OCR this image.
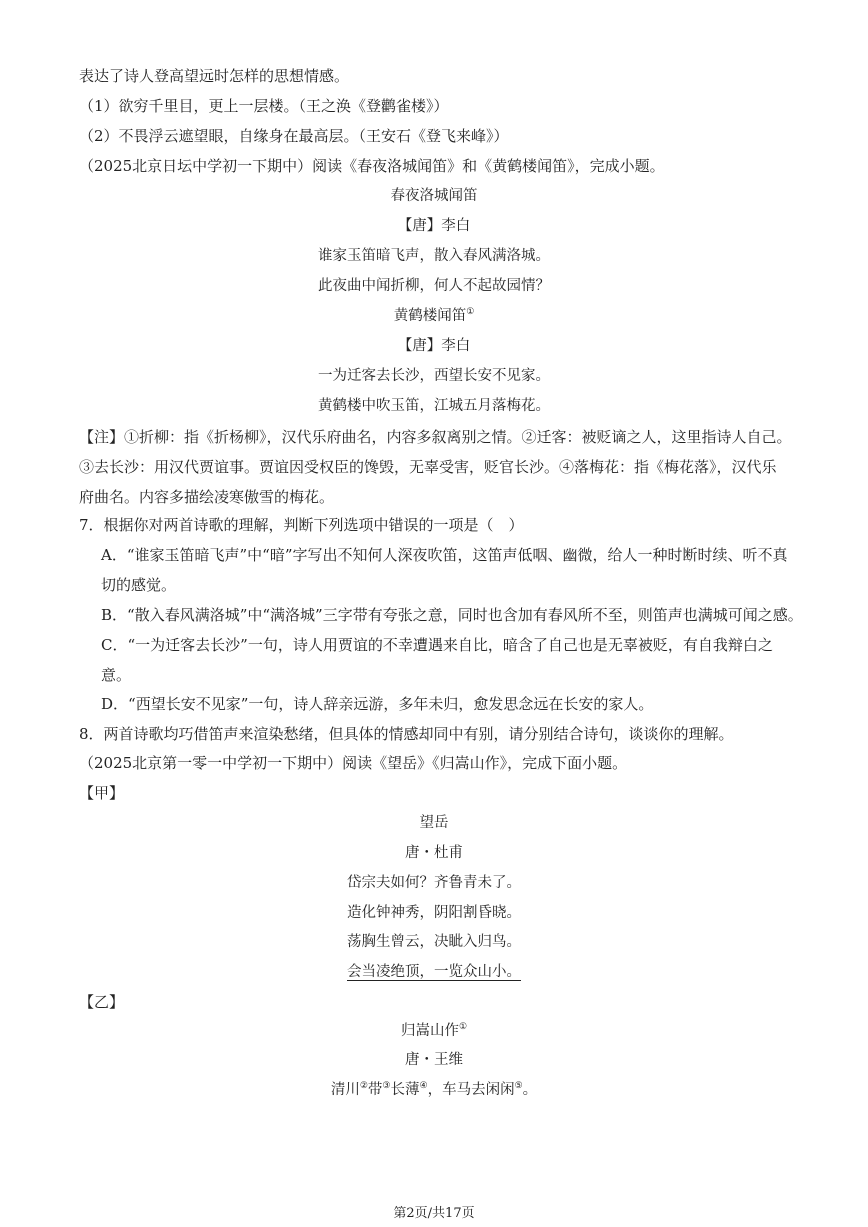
表达了诗人登高望远时怎样的思想情感。
（1）欲穷千里目，更上一层楼。（王之涣《登鹳雀楼》）
（2）不畏浮云遮望眼，自缘身在最高层。（王安石《登飞来峰》）
（2025北京日坛中学初一下期中）阅读《春夜洛城闻笛》和《黄鹤楼闻笛》，完成小题。
春夜洛城闻笛
【唐】李白
谁家玉笛暗飞声，散入春风满洛城。
此夜曲中闻折柳，何人不起故园情？
黄鹤楼闻笛①
【唐】李白
一为迁客去长沙，西望长安不见家。
黄鹤楼中吹玉笛，江城五月落梅花。
【注】①折柳：指《折杨柳》，汉代乐府曲名，内容多叙离别之情。②迁客：被贬谪之人，这里指诗人自己。
③去长沙：用汉代贾谊事。贾谊因受权臣的馋毁，无辜受害，贬官长沙。④落梅花：指《梅花落》，汉代乐
府曲名。内容多描绘凌寒傲雪的梅花。
7．根据你对两首诗歌的理解，判断下列选项中错误的一项是（　）
A．“谁家玉笛暗飞声”中“暗”字写出不知何人深夜吹笛，这笛声低咽、幽微，给人一种时断时续、听不真
切的感觉。
B．“散入春风满洛城”中“满洛城”三字带有夸张之意，同时也含加有春风所不至，则笛声也满城可闻之感。
C．“一为迁客去长沙”一句，诗人用贾谊的不幸遭遇来自比，暗含了自己也是无辜被贬，有自我辩白之
意。
D．“西望长安不见家”一句，诗人辞亲远游，多年未归，愈发思念远在长安的家人。
8．两首诗歌均巧借笛声来渲染愁绪，但具体的情感却同中有别，请分别结合诗句，谈谈你的理解。
（2025北京第一零一中学初一下期中）阅读《望岳》《归嵩山作》，完成下面小题。
【甲】
望岳
唐・杜甫
岱宗夫如何？齐鲁青未了。
造化钟神秀，阴阳割昏晓。
荡胸生曾云，决眦入归鸟。
会当凌绝顶，一览众山小。
【乙】
归嵩山作①
唐・王维
清川②带③长薄④，车马去闲闲⑤。
第2页/共17页
